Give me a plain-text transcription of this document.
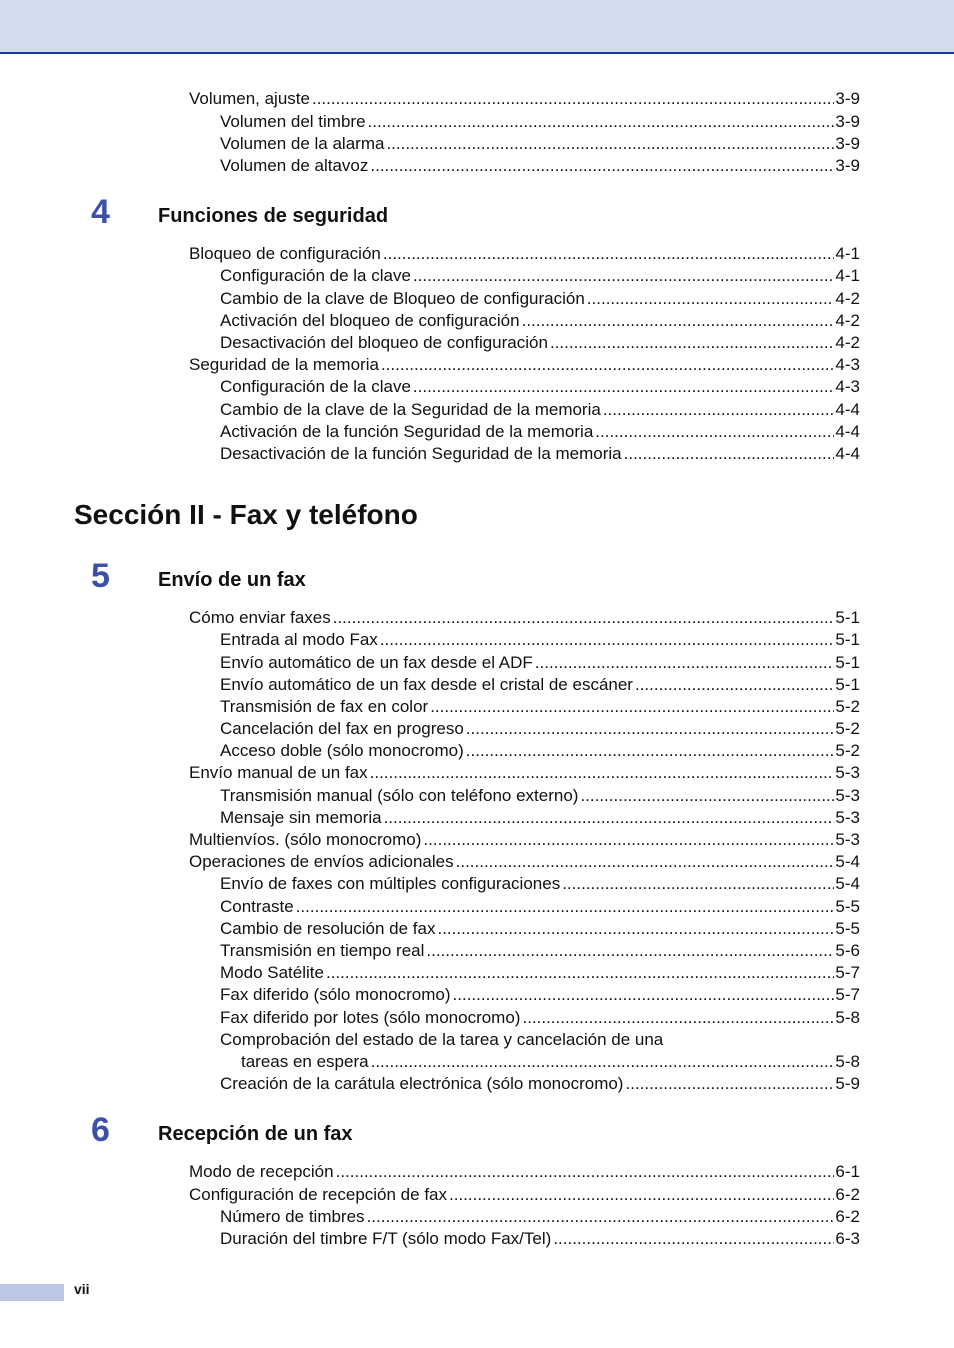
Volumen, ajuste .....	3-9
Volumen del timbre .....	3-9
Volumen de la alarma .....	3-9
Volumen de altavoz .....	3-9
4 Funciones de seguridad
Bloqueo de configuración .....	4-1
Configuración de la clave .....	4-1
Cambio de la clave de Bloqueo de configuración .....	4-2
Activación del bloqueo de configuración .....	4-2
Desactivación del bloqueo de configuración .....	4-2
Seguridad de la memoria .....	4-3
Configuración de la clave .....	4-3
Cambio de la clave de la Seguridad de la memoria .....	4-4
Activación de la función Seguridad de la memoria .....	4-4
Desactivación de la función Seguridad de la memoria .....	4-4
Sección II - Fax y teléfono
5 Envío de un fax
Cómo enviar faxes .....	5-1
Entrada al modo Fax .....	5-1
Envío automático de un fax desde el ADF .....	5-1
Envío automático de un fax desde el cristal de escáner .....	5-1
Transmisión de fax en color .....	5-2
Cancelación del fax en progreso .....	5-2
Acceso doble (sólo monocromo) .....	5-2
Envío manual de un fax .....	5-3
Transmisión manual (sólo con teléfono externo) .....	5-3
Mensaje sin memoria .....	5-3
Multienvíos. (sólo monocromo) .....	5-3
Operaciones de envíos adicionales .....	5-4
Envío de faxes con múltiples configuraciones .....	5-4
Contraste .....	5-5
Cambio de resolución de fax .....	5-5
Transmisión en tiempo real .....	5-6
Modo Satélite .....	5-7
Fax diferido (sólo monocromo) .....	5-7
Fax diferido por lotes (sólo monocromo) .....	5-8
Comprobación del estado de la tarea y cancelación de una
tareas en espera .....	5-8
Creación de la carátula electrónica (sólo monocromo) .....	5-9
6 Recepción de un fax
Modo de recepción .....	6-1
Configuración de recepción de fax .....	6-2
Número de timbres .....	6-2
Duración del timbre F/T (sólo modo Fax/Tel) .....	6-3
vii
